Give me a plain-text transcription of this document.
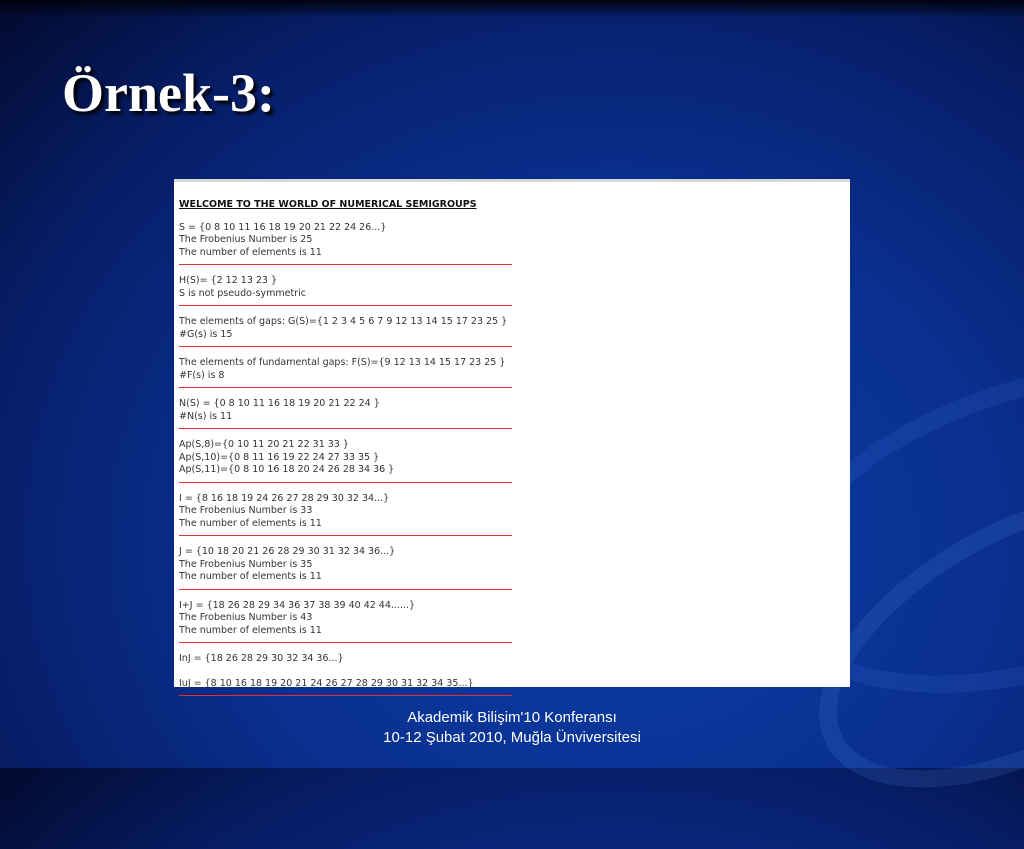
Örnek-3:
WELCOME TO THE WORLD OF NUMERICAL SEMIGROUPS
S = {0 8 10 11 16 18 19 20 21 22 24 26...}
The Frobenius Number is 25
The number of elements is 11
H(S)= {2 12 13 23 }
S is not pseudo-symmetric
The elements of gaps: G(S)={1 2 3 4 5 6 7 9 12 13 14 15 17 23 25 }
#G(s) is 15
The elements of fundamental gaps: F(S)={9 12 13 14 15 17 23 25 }
#F(s) is 8
N(S) = {0 8 10 11 16 18 19 20 21 22 24 }
#N(s) is 11
Ap(S,8)={0 10 11 20 21 22 31 33 }
Ap(S,10)={0 8 11 16 19 22 24 27 33 35 }
Ap(S,11)={0 8 10 16 18 20 24 26 28 34 36 }
I = {8 16 18 19 24 26 27 28 29 30 32 34...}
The Frobenius Number is 33
The number of elements is 11
J = {10 18 20 21 26 28 29 30 31 32 34 36...}
The Frobenius Number is 35
The number of elements is 11
I+J = {18 26 28 29 34 36 37 38 39 40 42 44......}
The Frobenius Number is 43
The number of elements is 11
InJ = {18 26 28 29 30 32 34 36...}
IuJ = {8 10 16 18 19 20 21 24 26 27 28 29 30 31 32 34 35...}
Akademik Bilişim'10 Konferansı
10-12 Şubat 2010, Muğla Ünviversitesi
